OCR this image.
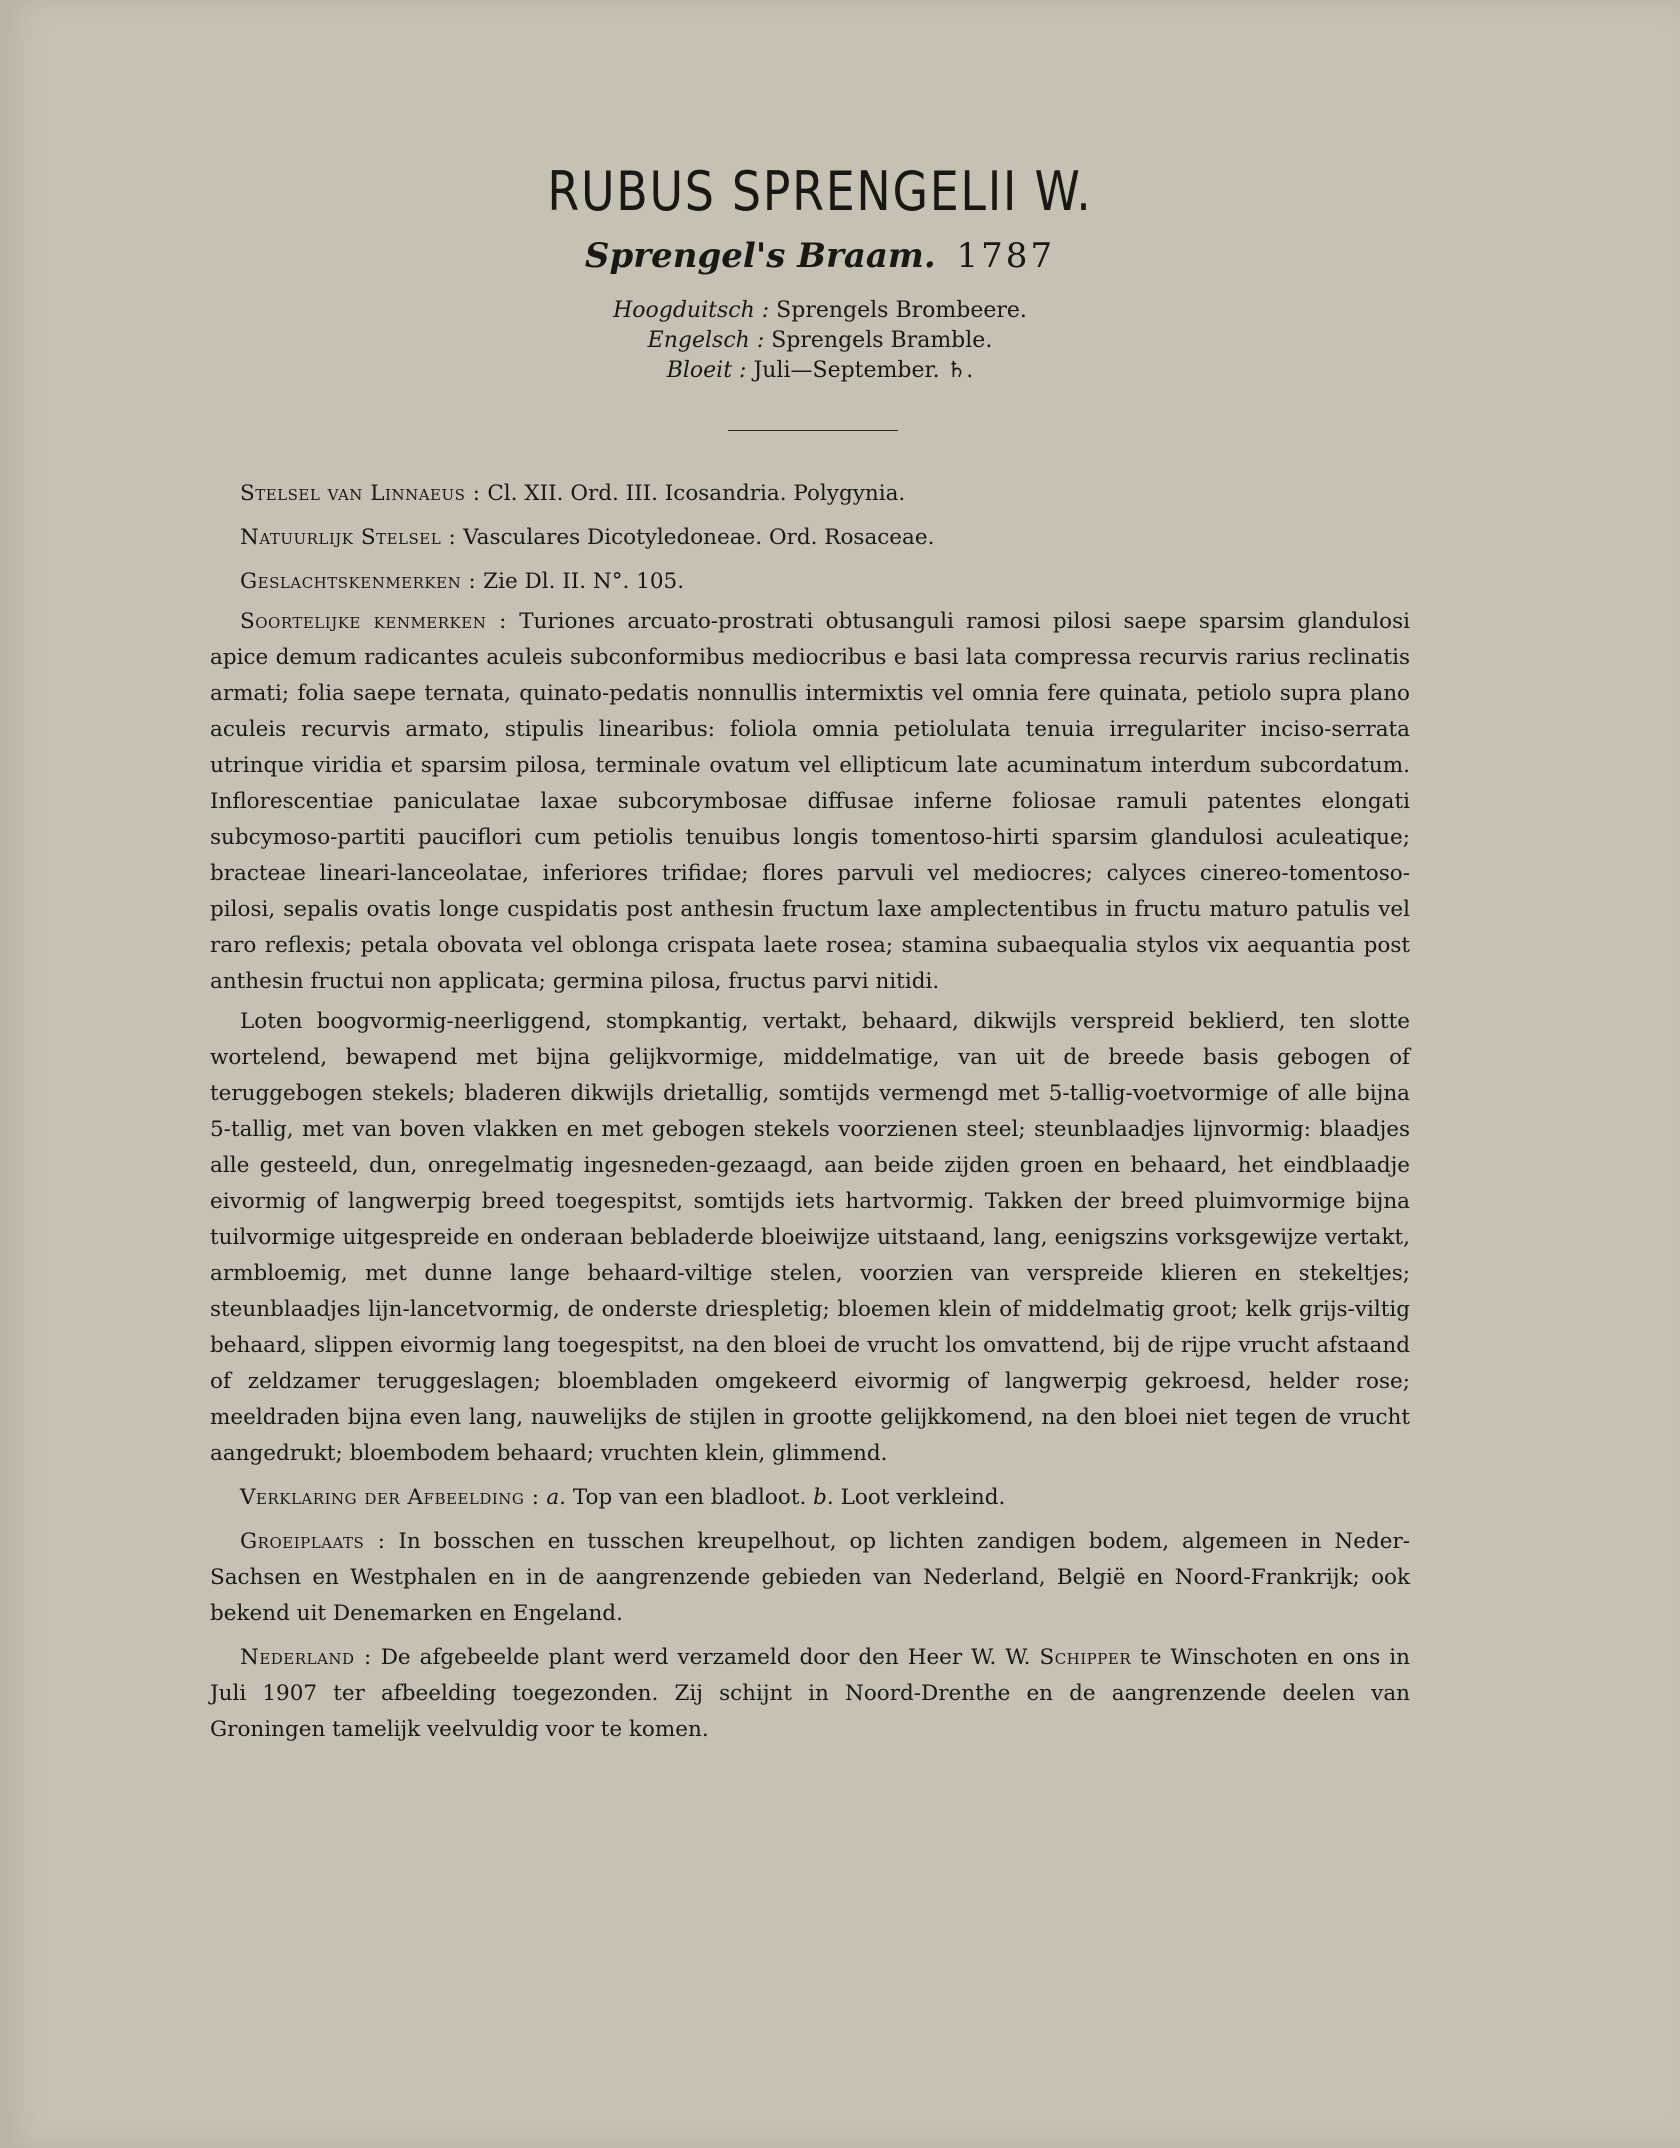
RUBUS SPRENGELII W.
Sprengel's Braam. 1787
Hoogduitsch : Sprengels Brombeere.
Engelsch : Sprengels Bramble.
Bloeit : Juli—September. ♄.

Stelsel van Linnaeus : Cl. XII. Ord. III. Icosandria. Polygynia.

Natuurlijk Stelsel : Vasculares Dicotyledoneae. Ord. Rosaceae.

Geslachtskenmerken : Zie Dl. II. N°. 105.

Soortelijke kenmerken : Turiones arcuato-prostrati obtusanguli ramosi pilosi saepe sparsim glandulosi apice demum radicantes aculeis subconformibus mediocribus e basi lata compressa recurvis rarius reclinatis armati; folia saepe ternata, quinato-pedatis nonnullis intermixtis vel omnia fere quinata, petiolo supra plano aculeis recurvis armato, stipulis linearibus: foliola omnia petiolulata tenuia irregulariter inciso-serrata utrinque viridia et sparsim pilosa, terminale ovatum vel ellipticum late acuminatum interdum subcordatum. Inflorescentiae paniculatae laxae subcorymbosae diffusae inferne foliosae ramuli patentes elongati subcymoso-partiti pauciflori cum petiolis tenuibus longis tomentoso-hirti sparsim glandulosi aculeatique; bracteae lineari-lanceolatae, inferiores trifidae; flores parvuli vel mediocres; calyces cinereo-tomentoso-pilosi, sepalis ovatis longe cuspidatis post anthesin fructum laxe amplectentibus in fructu maturo patulis vel raro reflexis; petala obovata vel oblonga crispata laete rosea; stamina subaequalia stylos vix aequantia post anthesin fructui non applicata; germina pilosa, fructus parvi nitidi.

Loten boogvormig-neerliggend, stompkantig, vertakt, behaard, dikwijls verspreid beklierd, ten slotte wortelend, bewapend met bijna gelijkvormige, middelmatige, van uit de breede basis gebogen of teruggebogen stekels; bladeren dikwijls drietallig, somtijds vermengd met 5-tallig-voetvormige of alle bijna 5-tallig, met van boven vlakken en met gebogen stekels voorzienen steel; steunblaadjes lijnvormig: blaadjes alle gesteeld, dun, onregelmatig ingesneden-gezaagd, aan beide zijden groen en behaard, het eindblaadje eivormig of langwerpig breed toegespitst, somtijds iets hartvormig. Takken der breed pluimvormige bijna tuilvormige uitgespreide en onderaan bebladerde bloeiwijze uitstaand, lang, eenigszins vorksgewijze vertakt, armbloemig, met dunne lange behaard-viltige stelen, voorzien van verspreide klieren en stekeltjes; steunblaadjes lijn-lancetvormig, de onderste driespletig; bloemen klein of middelmatig groot; kelk grijs-viltig behaard, slippen eivormig lang toegespitst, na den bloei de vrucht los omvattend, bij de rijpe vrucht afstaand of zeldzamer teruggeslagen; bloembladen omgekeerd eivormig of langwerpig gekroesd, helder rose; meeldraden bijna even lang, nauwelijks de stijlen in grootte gelijkkomend, na den bloei niet tegen de vrucht aangedrukt; bloembodem behaard; vruchten klein, glimmend.

Verklaring der Afbeelding : a. Top van een bladloot. b. Loot verkleind.

Groeiplaats : In bosschen en tusschen kreupelhout, op lichten zandigen bodem, algemeen in Neder-Sachsen en Westphalen en in de aangrenzende gebieden van Nederland, België en Noord-Frankrijk; ook bekend uit Denemarken en Engeland.

Nederland : De afgebeelde plant werd verzameld door den Heer W. W. Schipper te Winschoten en ons in Juli 1907 ter afbeelding toegezonden. Zij schijnt in Noord-Drenthe en de aangrenzende deelen van Groningen tamelijk veelvuldig voor te komen.
